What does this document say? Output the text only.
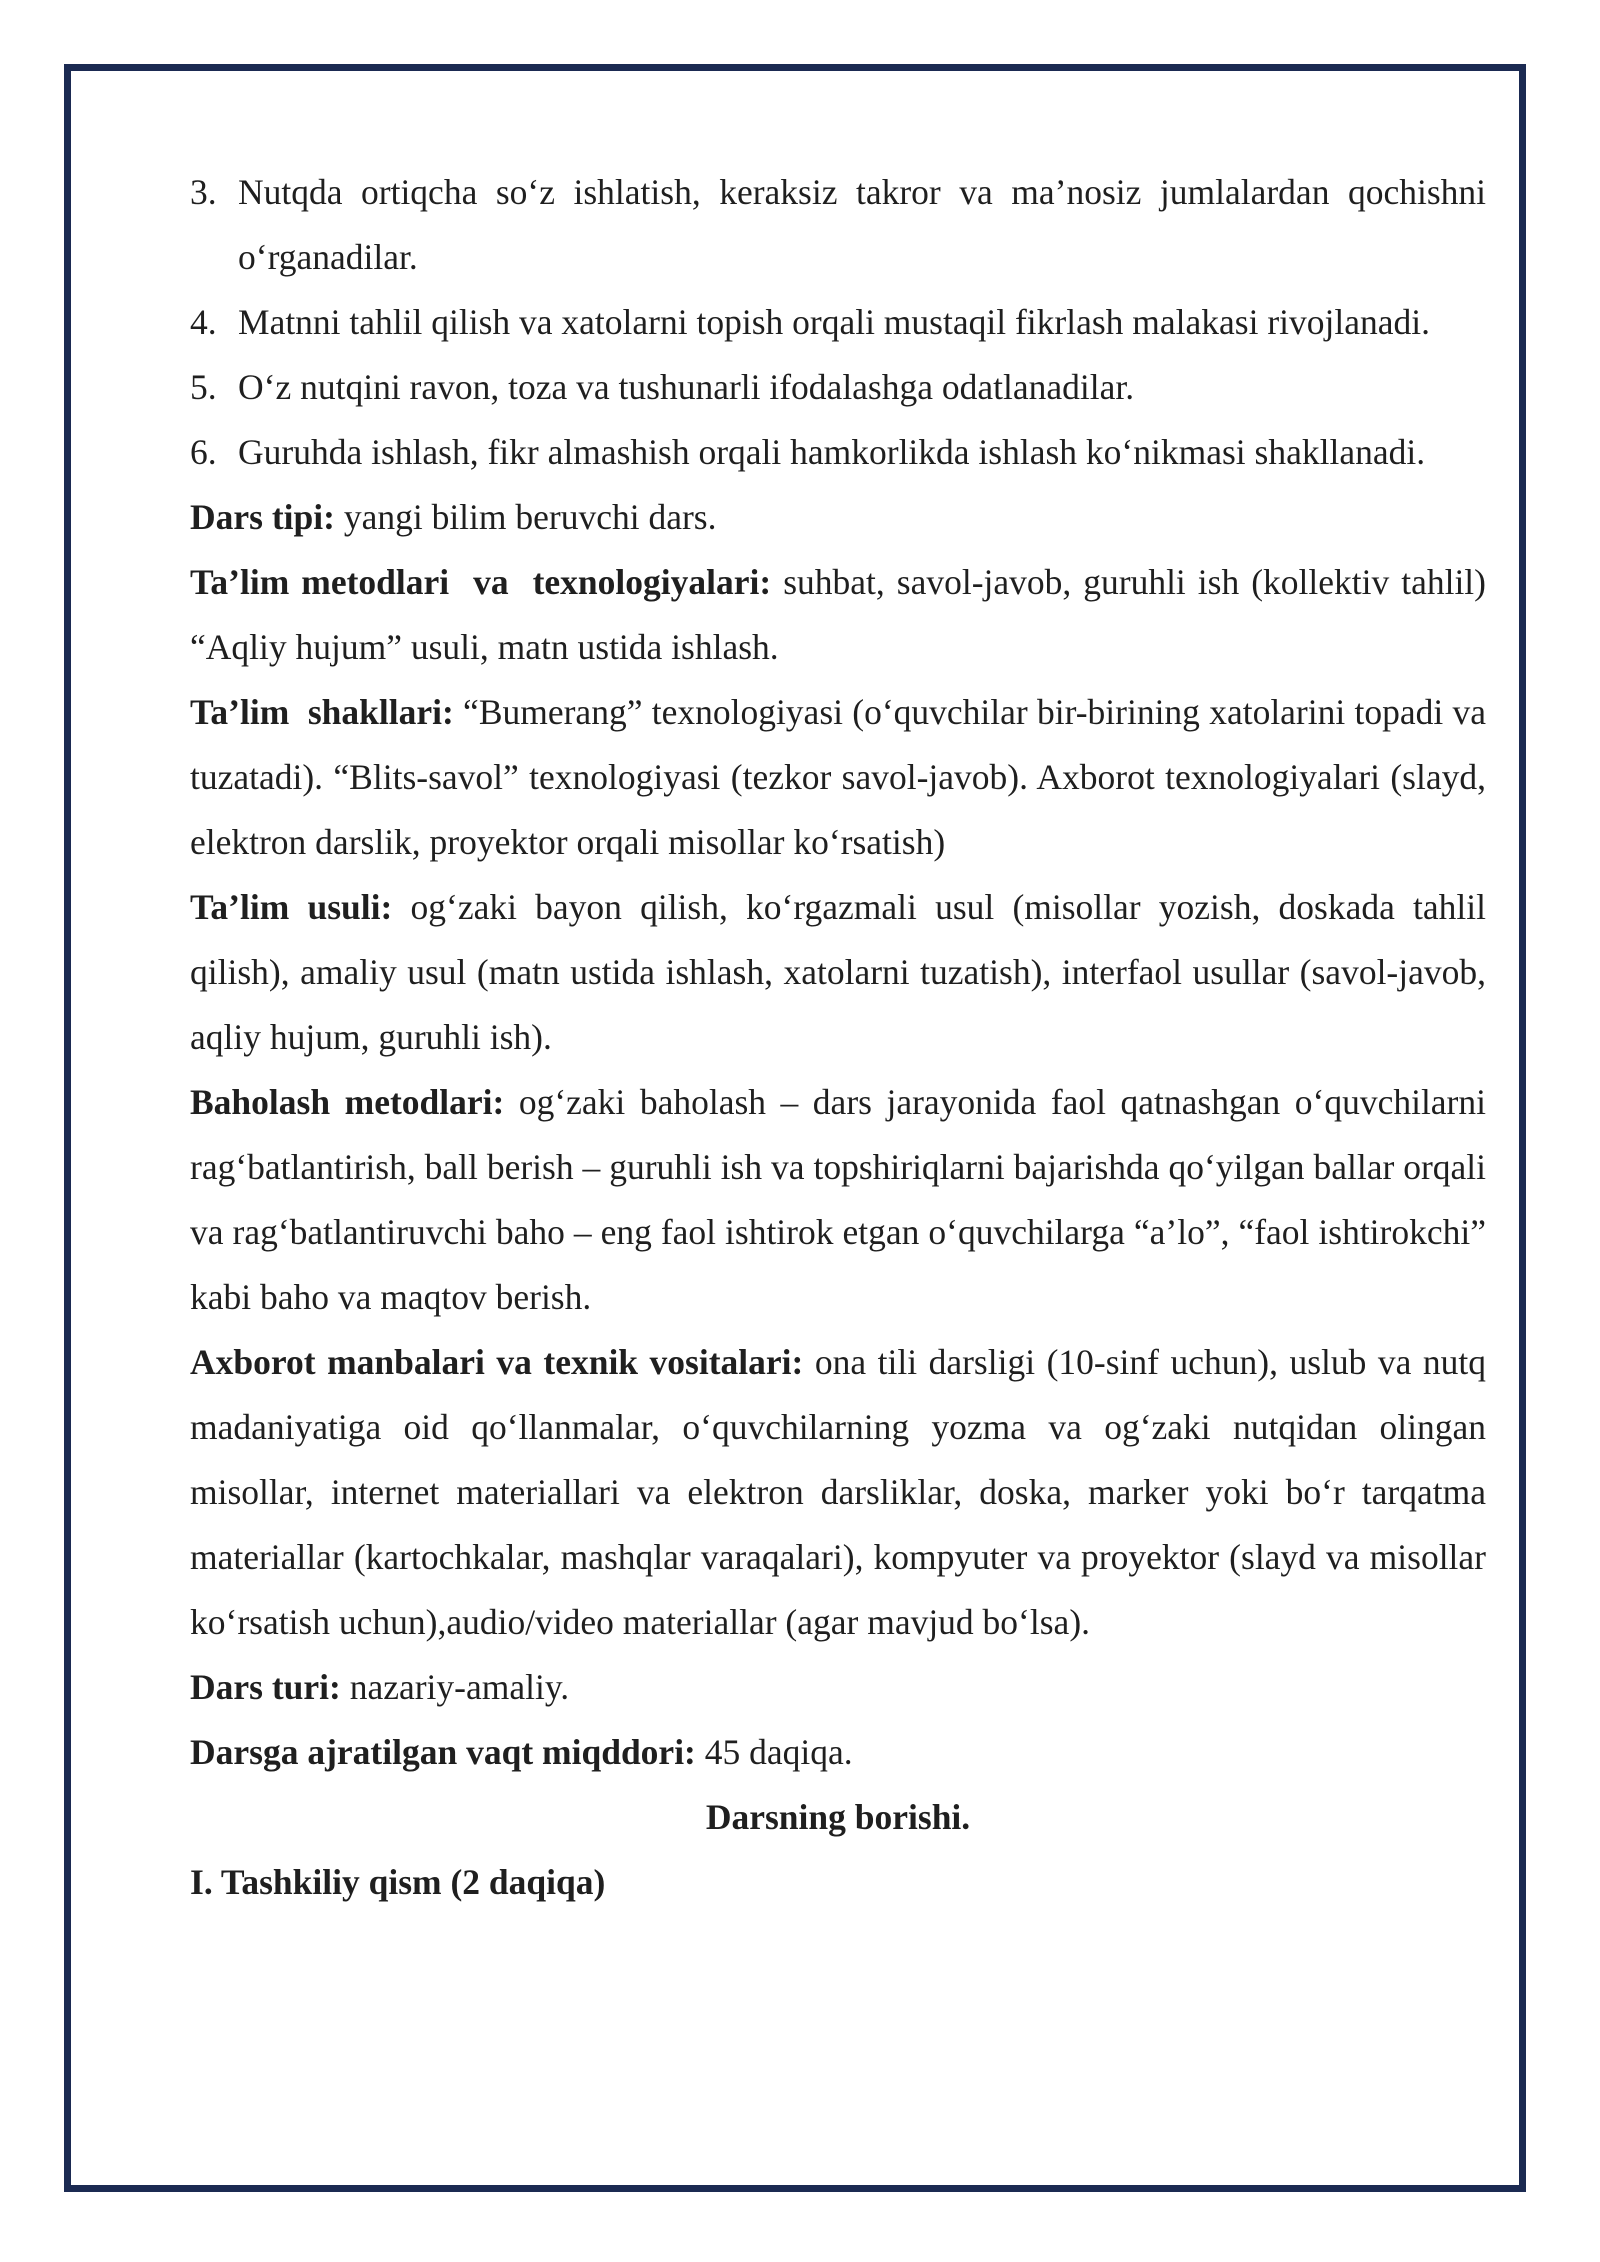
3. Nutqda ortiqcha so‘z ishlatish, keraksiz takror va ma’nosiz jumlalardan qochishni o‘rganadilar.
4. Matnni tahlil qilish va xatolarni topish orqali mustaqil fikrlash malakasi rivojlanadi.
5. O‘z nutqini ravon, toza va tushunarli ifodalashga odatlanadilar.
6. Guruhda ishlash, fikr almashish orqali hamkorlikda ishlash ko‘nikmasi shakllanadi.

Dars tipi: yangi bilim beruvchi dars.

Ta’lim metodlari  va  texnologiyalari: suhbat, savol-javob, guruhli ish (kollektiv tahlil) “Aqliy hujum” usuli, matn ustida ishlash.

Ta’lim  shakllari: “Bumerang” texnologiyasi (o‘quvchilar bir-birining xatolarini topadi va tuzatadi). “Blits-savol” texnologiyasi (tezkor savol-javob). Axborot texnologiyalari (slayd, elektron darslik, proyektor orqali misollar ko‘rsatish)

Ta’lim usuli: og‘zaki bayon qilish, ko‘rgazmali usul (misollar yozish, doskada tahlil qilish), amaliy usul (matn ustida ishlash, xatolarni tuzatish), interfaol usullar (savol-javob, aqliy hujum, guruhli ish).

Baholash metodlari: og‘zaki baholash – dars jarayonida faol qatnashgan o‘quvchilarni rag‘batlantirish, ball berish – guruhli ish va topshiriqlarni bajarishda qo‘yilgan ballar orqali va rag‘batlantiruvchi baho – eng faol ishtirok etgan o‘quvchilarga “a’lo”, “faol ishtirokchi” kabi baho va maqtov berish.

Axborot manbalari va texnik vositalari: ona tili darsligi (10-sinf uchun), uslub va nutq madaniyatiga oid qo‘llanmalar, o‘quvchilarning yozma va og‘zaki nutqidan olingan misollar, internet materiallari va elektron darsliklar, doska, marker yoki bo‘r tarqatma materiallar (kartochkalar, mashqlar varaqalari), kompyuter va proyektor (slayd va misollar ko‘rsatish uchun),audio/video materiallar (agar mavjud bo‘lsa).

Dars turi: nazariy-amaliy.

Darsga ajratilgan vaqt miqddori: 45 daqiqa.

Darsning borishi.

I. Tashkiliy qism (2 daqiqa)
